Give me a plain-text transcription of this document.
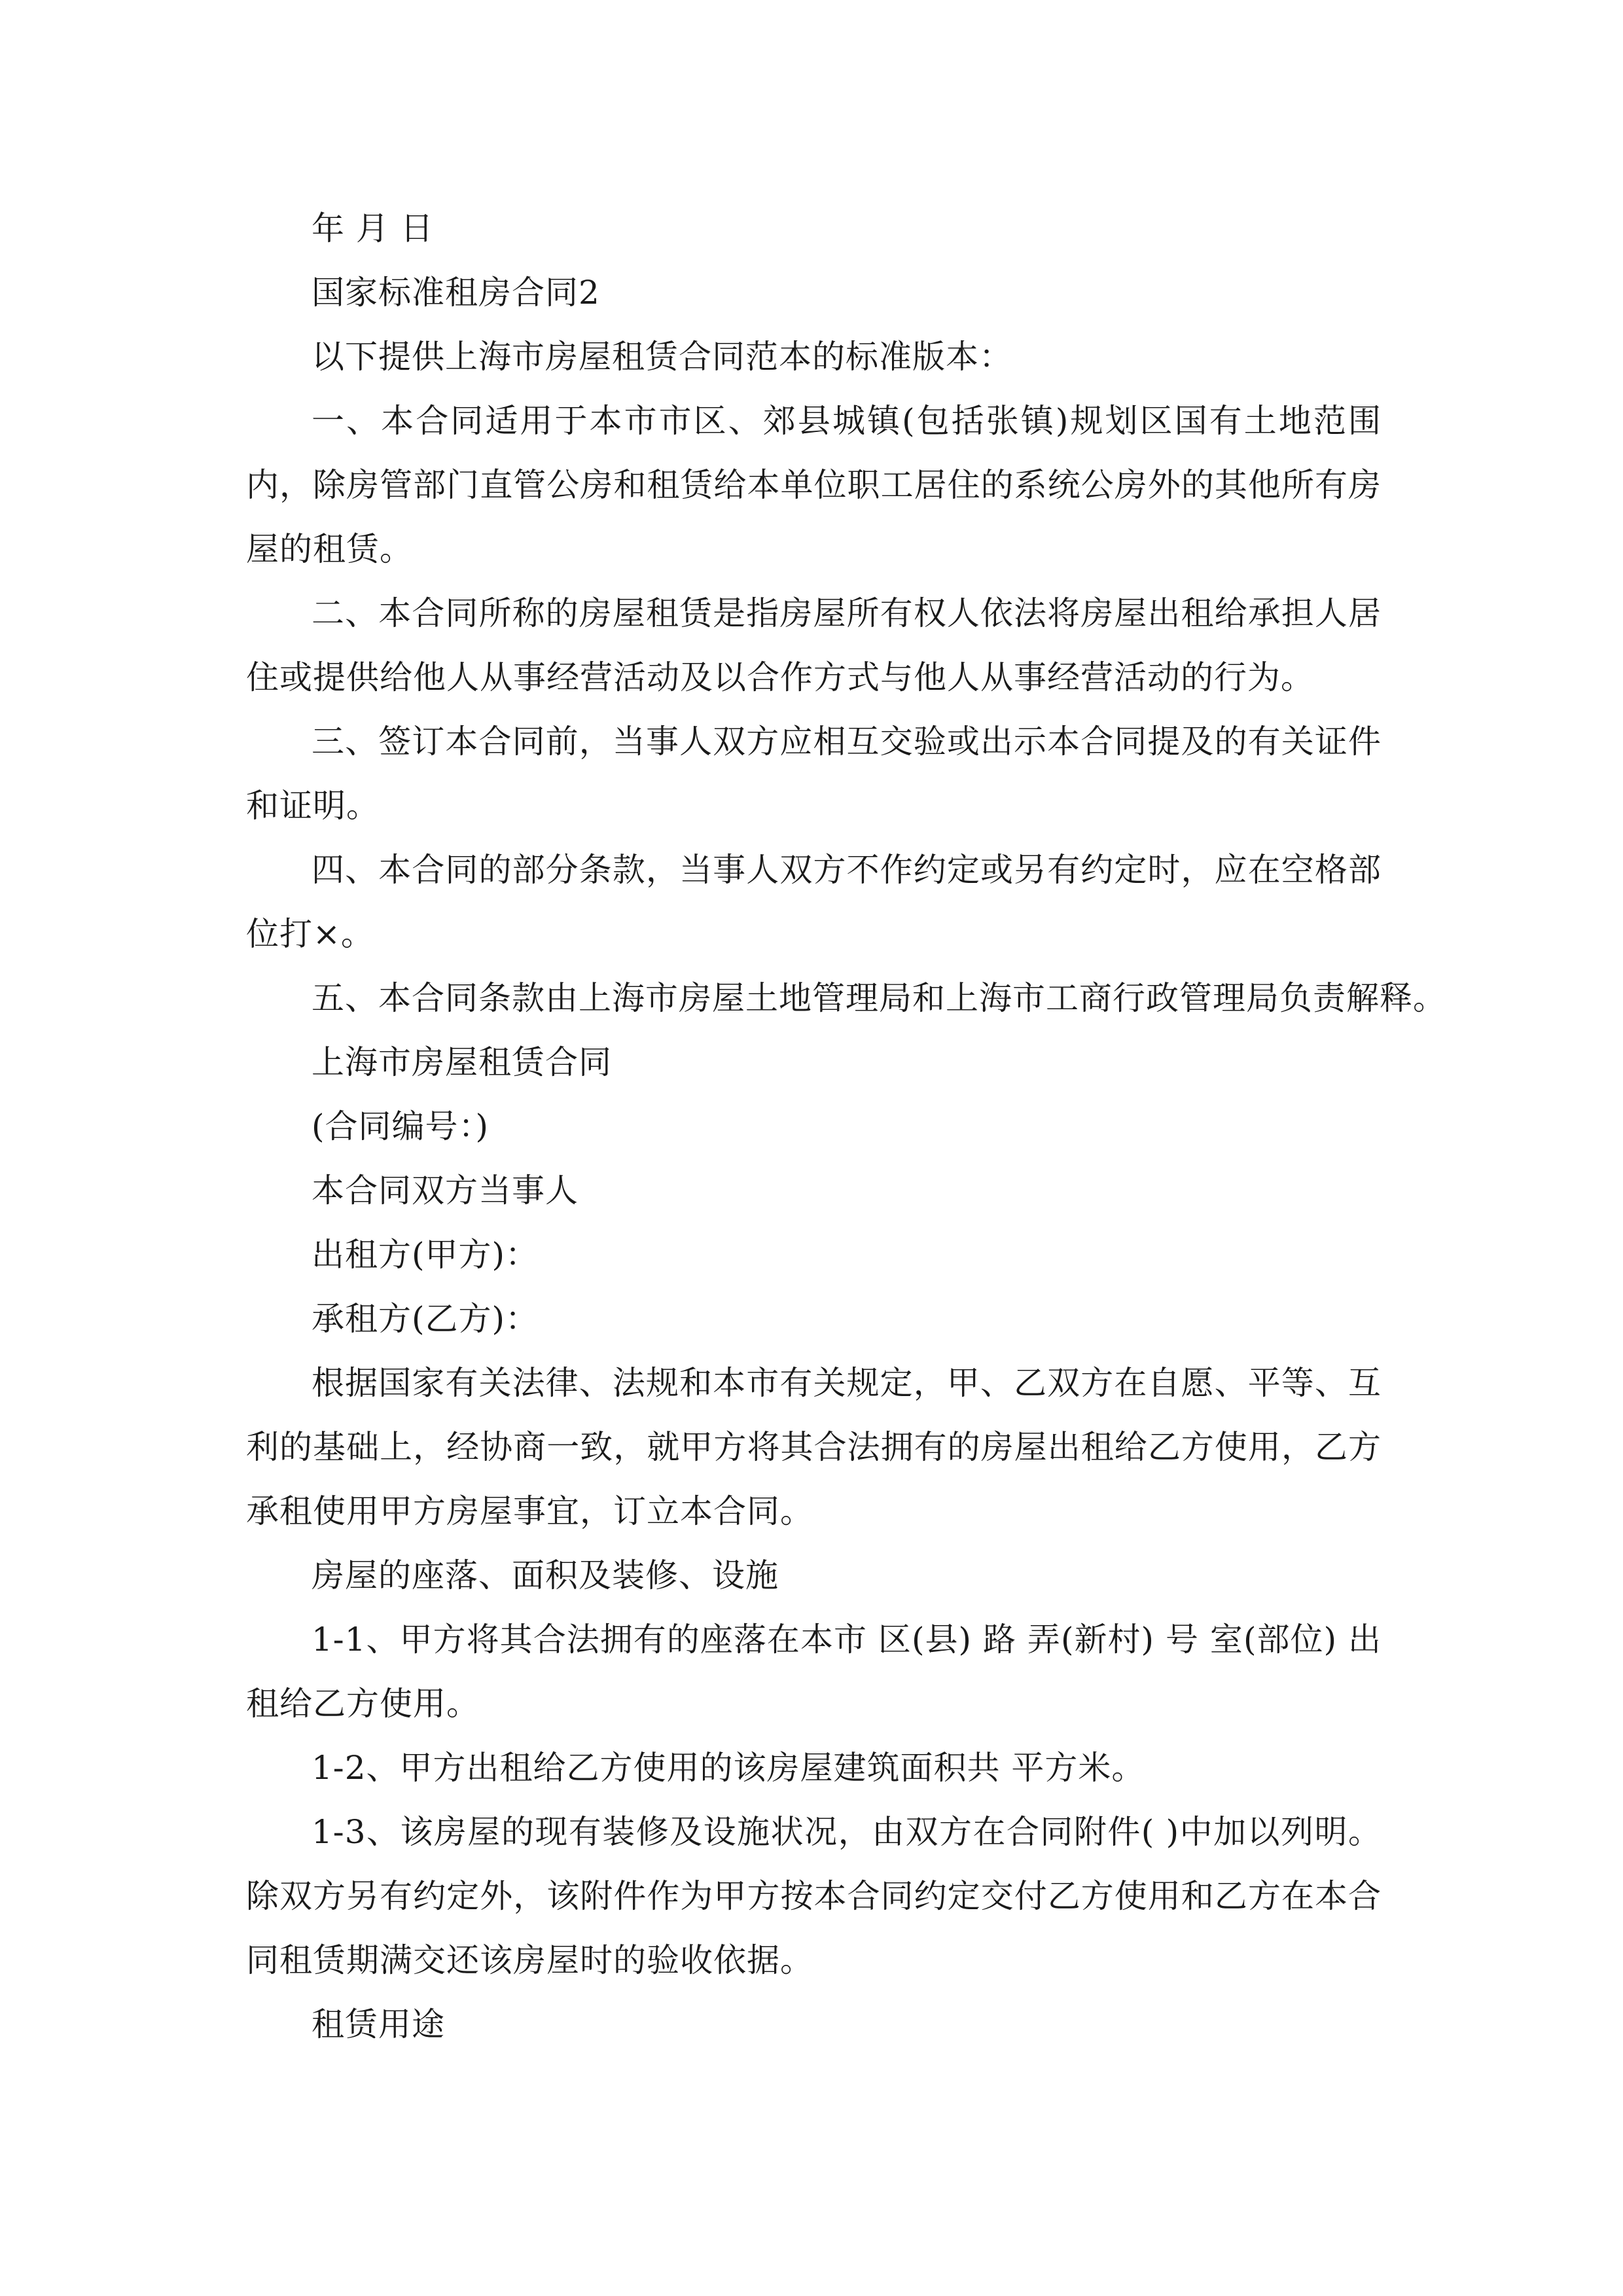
年 月 日

国家标准租房合同2

以下提供上海市房屋租赁合同范本的标准版本：

一、本合同适用于本市市区、郊县城镇(包括张镇)规划区国有土地范围内，除房管部门直管公房和租赁给本单位职工居住的系统公房外的其他所有房屋的租赁。

二、本合同所称的房屋租赁是指房屋所有权人依法将房屋出租给承担人居住或提供给他人从事经营活动及以合作方式与他人从事经营活动的行为。

三、签订本合同前，当事人双方应相互交验或出示本合同提及的有关证件和证明。

四、本合同的部分条款，当事人双方不作约定或另有约定时，应在空格部位打×。

五、本合同条款由上海市房屋土地管理局和上海市工商行政管理局负责解释。

上海市房屋租赁合同

(合同编号：)

本合同双方当事人

出租方(甲方)：

承租方(乙方)：

根据国家有关法律、法规和本市有关规定，甲、乙双方在自愿、平等、互利的基础上，经协商一致，就甲方将其合法拥有的房屋出租给乙方使用，乙方承租使用甲方房屋事宜，订立本合同。

房屋的座落、面积及装修、设施

1-1、甲方将其合法拥有的座落在本市 区(县) 路 弄(新村) 号 室(部位) 出租给乙方使用。

1-2、甲方出租给乙方使用的该房屋建筑面积共 平方米。

1-3、该房屋的现有装修及设施状况，由双方在合同附件( )中加以列明。除双方另有约定外，该附件作为甲方按本合同约定交付乙方使用和乙方在本合同租赁期满交还该房屋时的验收依据。

租赁用途
